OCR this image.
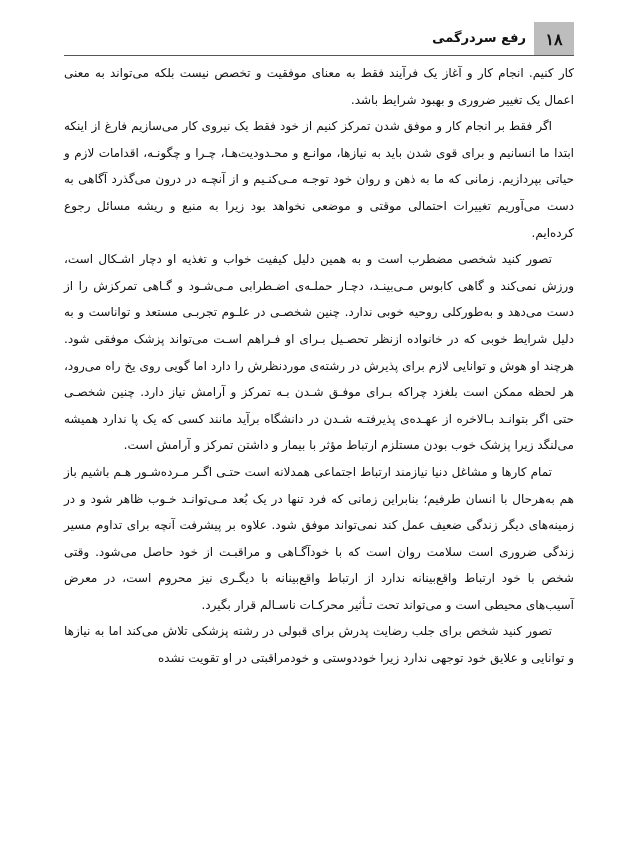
۱۸
رفع سردرگمی

کار کنیم. انجام کار و آغاز یک فرآیند فقط به معنای موفقیت و تخصص نیست بلکه می‌تواند به معنی اعمال یک تغییر ضروری و بهبود شرایط باشد.

اگر فقط بر انجام کار و موفق شدن تمرکز کنیم از خود فقط یک نیروی کار می‌سازیم فارغ از اینکه ابتدا ما انسانیم و برای قوی شدن باید به نیازها، موانـع و محـدودیت‌هـا، چـرا و چگونـه، اقدامات لازم و حیاتی بپردازیم. زمانی که ما به ذهن و روان خود توجـه مـی‌کنـیم و از آنچـه در درون می‌گذرد آگاهی به دست می‌آوریم تغییرات احتمالی موقتی و موضعی نخواهد بود زیرا به منبع و ریشه مسائل رجوع کرده‌ایم.

تصور کنید شخصی مضطرب است و به همین دلیل کیفیت خواب و تغذیه او دچار اشـکال است، ورزش نمی‌کند و گاهی کابوس مـی‌بینـد، دچـار حملـه‌ی اضـطرابی مـی‌شـود و گـاهی تمرکزش را از دست می‌دهد و به‌طورکلی روحیه خوبی ندارد. چنین شخصـی در علـوم تجربـی مستعد و تواناست و به دلیل شرایط خوبی که در خانواده ازنظر تحصـیل بـرای او فـراهم اسـت می‌تواند پزشک موفقی شود. هرچند او هوش و توانایی لازم برای پذیرش در رشته‌ی موردنظرش را دارد اما گویی روی یخ راه می‌رود، هر لحظه ممکن است بلغزد چراکه بـرای موفـق شـدن بـه تمرکز و آرامش نیاز دارد. چنین شخصـی حتی اگر بتوانـد بـالاخره از عهـده‌ی پذیرفتـه شـدن در دانشگاه برآید مانند کسی که یک پا ندارد همیشه می‌لنگد زیرا پزشک خوب بودن مستلزم ارتباط مؤثر با بیمار و داشتن تمرکز و آرامش است.

تمام کارها و مشاغل دنیا نیازمند ارتباط اجتماعی همدلانه است حتـی اگـر مـرده‌شـور هـم باشیم باز هم به‌هرحال با انسان طرفیم؛ بنابراین زمانی که فرد تنها در یک بُعد مـی‌توانـد خـوب ظاهر شود و در زمینه‌های دیگر زندگی ضعیف عمل کند نمی‌تواند موفق شود. علاوه بر پیشرفت آنچه برای تداوم مسیر زندگی ضروری است سلامت روان است که با خودآگـاهی و مراقبـت از خود حاصل می‌شود. وقتی شخص با خود ارتباط واقع‌بینانه ندارد از ارتباط واقع‌بینانه با دیگـری نیز محروم است، در معرض آسیب‌های محیطی است و می‌تواند تحت تـأثیر محرکـات ناسـالم قرار بگیرد.

تصور کنید شخص برای جلب رضایت پدرش برای قبولی در رشته پزشکی تلاش می‌کند اما به نیازها و توانایی و علایق خود توجهی ندارد زیرا خوددوستی و خودمراقبتی در او تقویت نشده
